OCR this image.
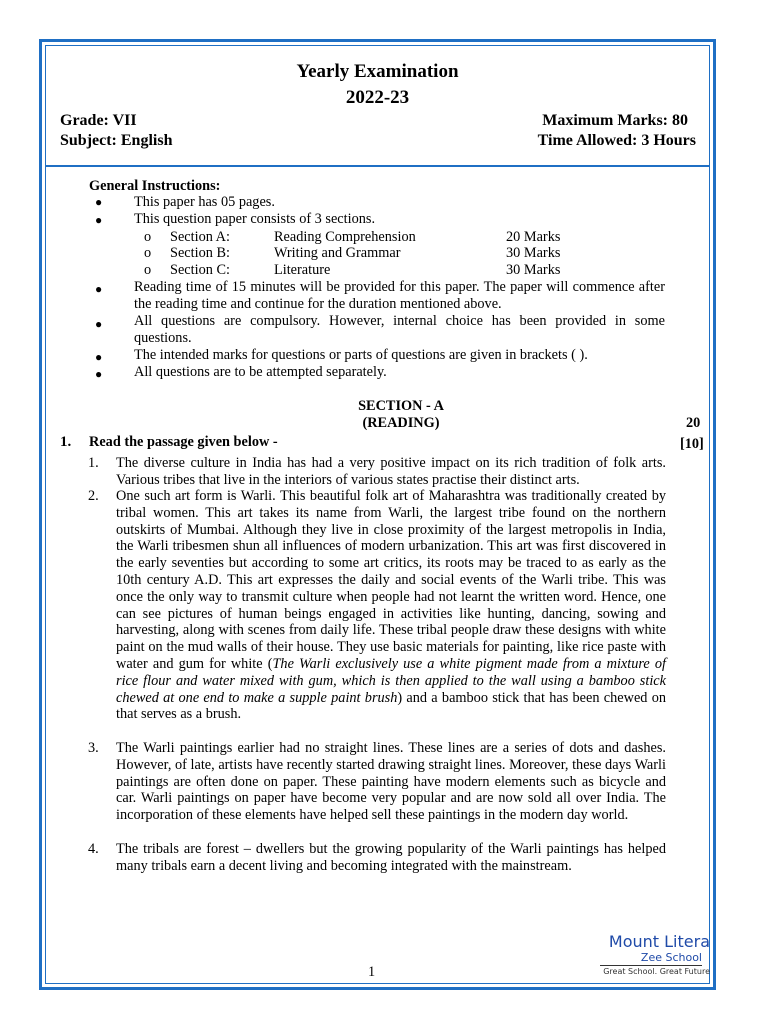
Yearly Examination
2022-23
Grade: VII
Subject: English
Maximum Marks: 80
Time Allowed: 3 Hours
General Instructions:
● This paper has 05 pages.
● This question paper consists of 3 sections.
o Section A:	Reading Comprehension	20 Marks
o Section B:	Writing and Grammar	30 Marks
o Section C:	Literature	30 Marks
● Reading time of 15 minutes will be provided for this paper. The paper will commence after the reading time and continue for the duration mentioned above.
● All questions are compulsory. However, internal choice has been provided in some questions.
● The intended marks for questions or parts of questions are given in brackets ( ).
● All questions are to be attempted separately.
SECTION - A
(READING)	20
1. Read the passage given below -	[10]
1. The diverse culture in India has had a very positive impact on its rich tradition of folk arts. Various tribes that live in the interiors of various states practise their distinct arts.
2. One such art form is Warli. This beautiful folk art of Maharashtra was traditionally created by tribal women. This art takes its name from Warli, the largest tribe found on the northern outskirts of Mumbai. Although they live in close proximity of the largest metropolis in India, the Warli tribesmen shun all influences of modern urbanization. This art was first discovered in the early seventies but according to some art critics, its roots may be traced to as early as the 10th century A.D. This art expresses the daily and social events of the Warli tribe. This was once the only way to transmit culture when people had not learnt the written word. Hence, one can see pictures of human beings engaged in activities like hunting, dancing, sowing and harvesting, along with scenes from daily life. These tribal people draw these designs with white paint on the mud walls of their house. They use basic materials for painting, like rice paste with water and gum for white (The Warli exclusively use a white pigment made from a mixture of rice flour and water mixed with gum, which is then applied to the wall using a bamboo stick chewed at one end to make a supple paint brush) and a bamboo stick that has been chewed on that serves as a brush.
3. The Warli paintings earlier had no straight lines. These lines are a series of dots and dashes. However, of late, artists have recently started drawing straight lines. Moreover, these days Warli paintings are often done on paper. These painting have modern elements such as bicycle and car. Warli paintings on paper have become very popular and are now sold all over India. The incorporation of these elements have helped sell these paintings in the modern day world.
4. The tribals are forest – dwellers but the growing popularity of the Warli paintings has helped many tribals earn a decent living and becoming integrated with the mainstream.
1
Mount Litera
Zee School
Great School. Great Future
